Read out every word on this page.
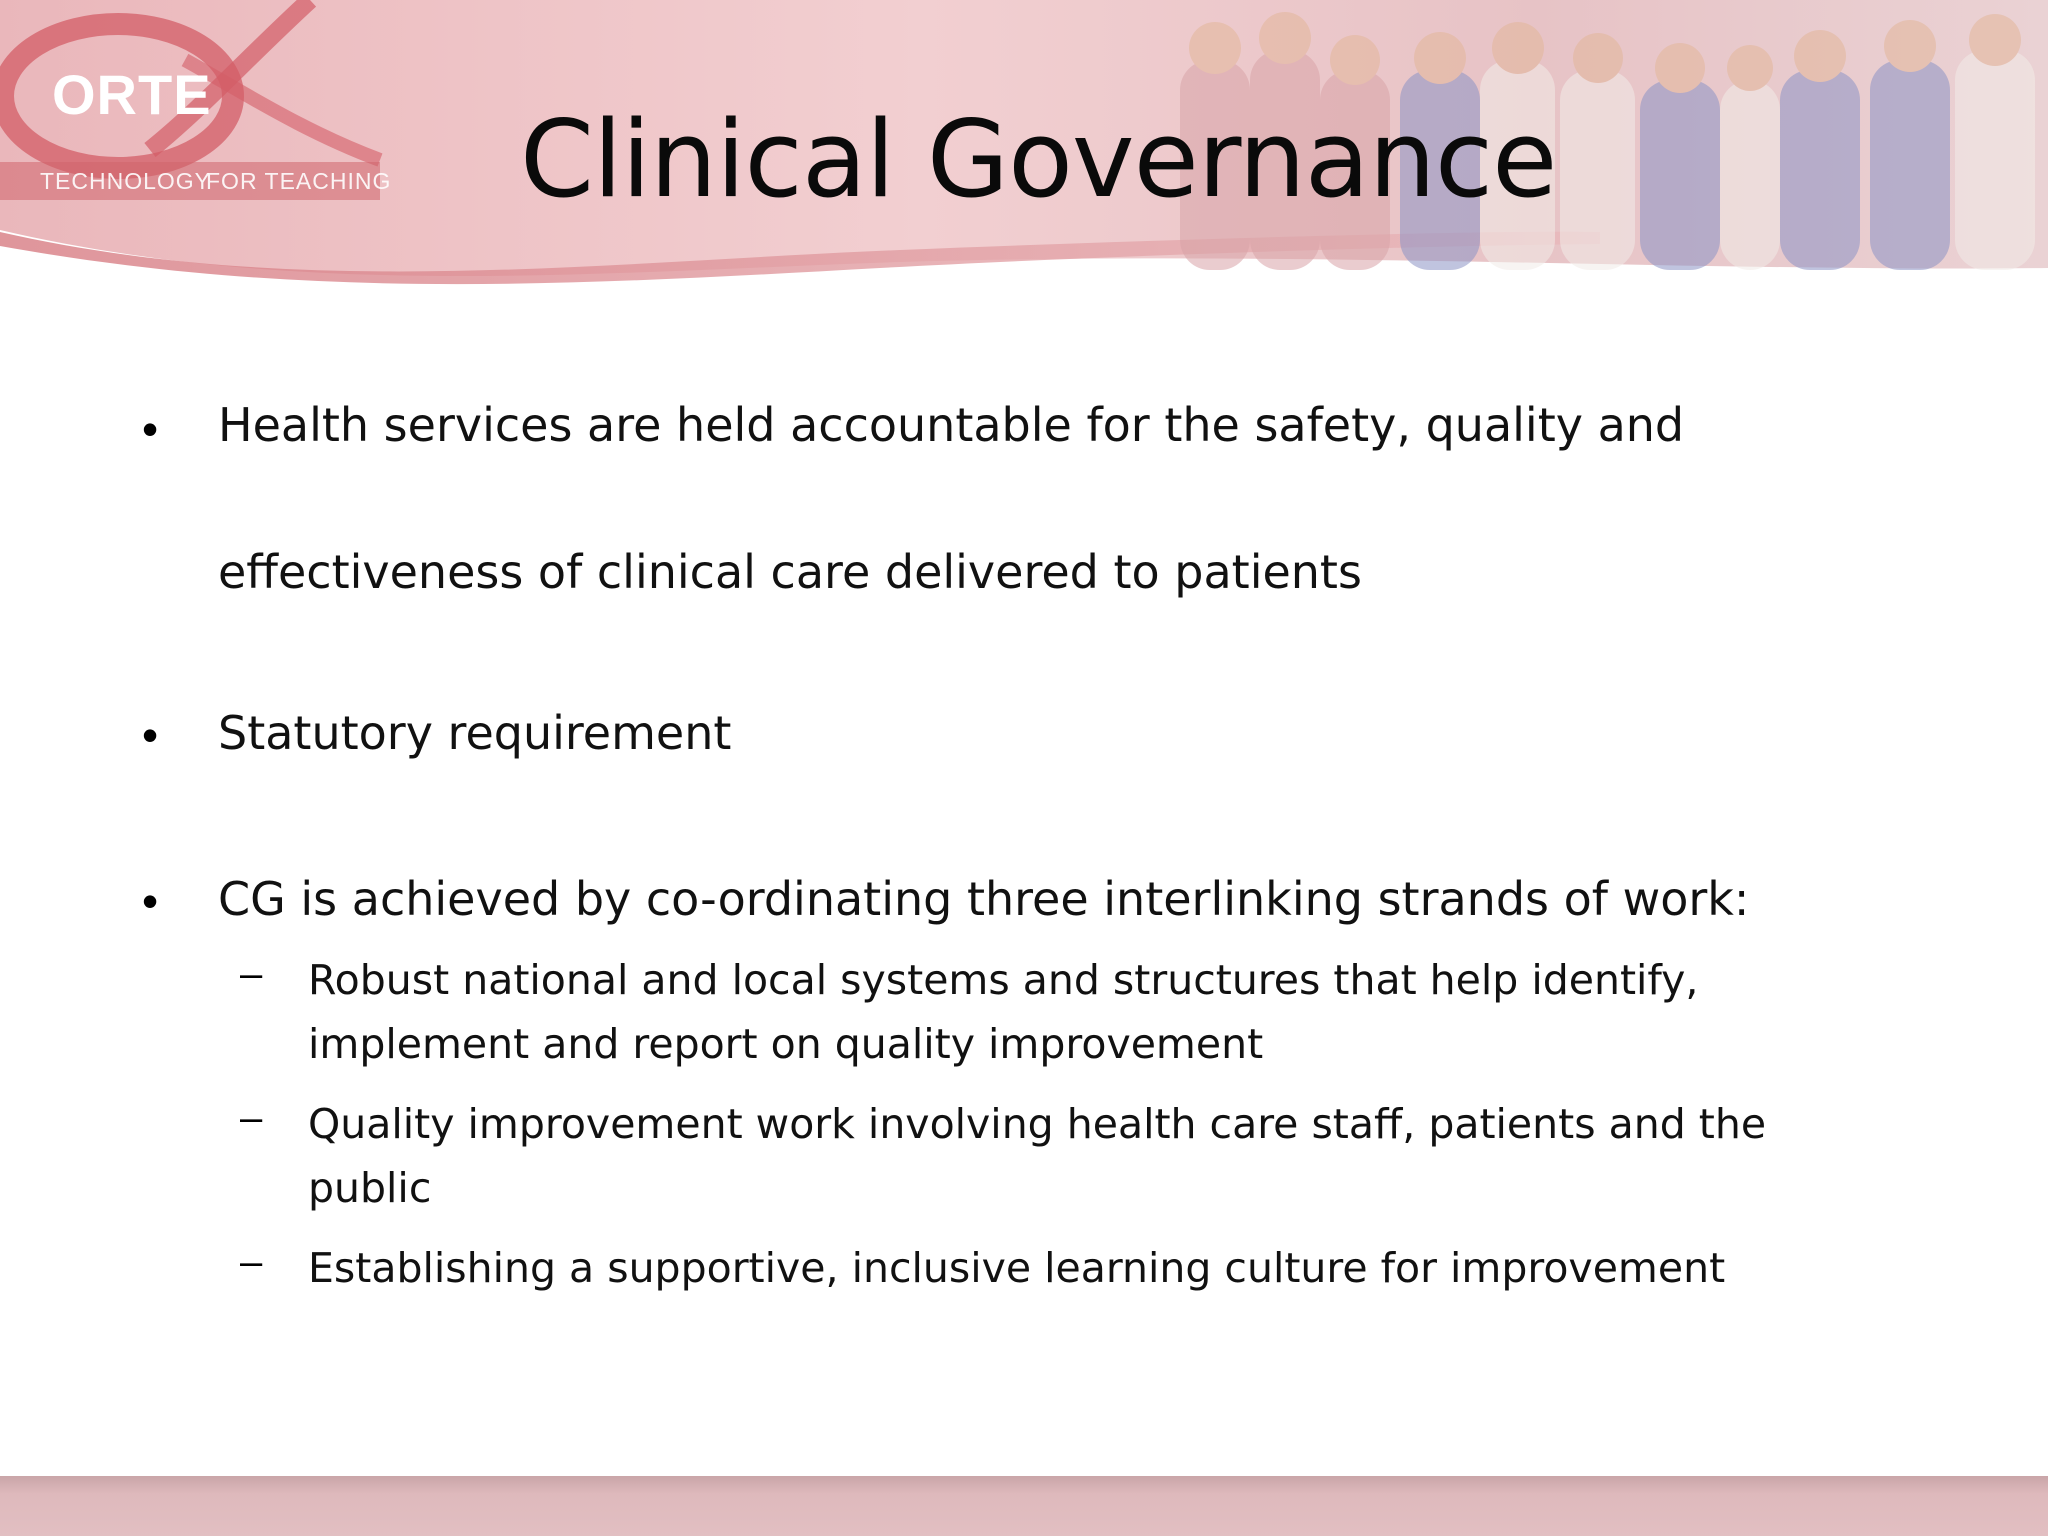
ORTE
TECHNOLOGY
FOR TEACHING Clinical Governance
• Health services are held accountable for the safety, quality and

effectiveness of clinical care delivered to patients

• Statutory requirement

• CG is achieved by co-ordinating three interlinking strands of work:

– Robust national and local systems and structures that help identify,

implement and report on quality improvement

– Quality improvement work involving health care staff, patients and the

public

– Establishing a supportive, inclusive learning culture for improvement
